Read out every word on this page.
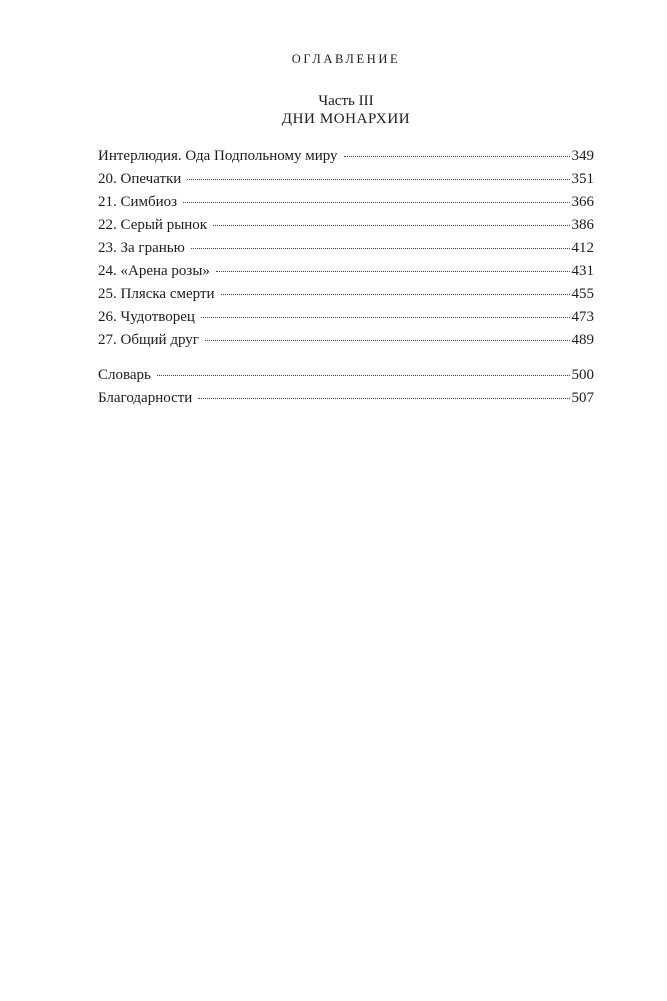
ОГЛАВЛЕНИЕ
Часть III
ДНИ МОНАРХИИ
Интерлюдия. Ода Подпольному миру	349
20. Опечатки	351
21. Симбиоз	366
22. Серый рынок	386
23. За гранью	412
24. «Арена розы»	431
25. Пляска смерти	455
26. Чудотворец	473
27. Общий друг	489
Словарь	500
Благодарности	507
